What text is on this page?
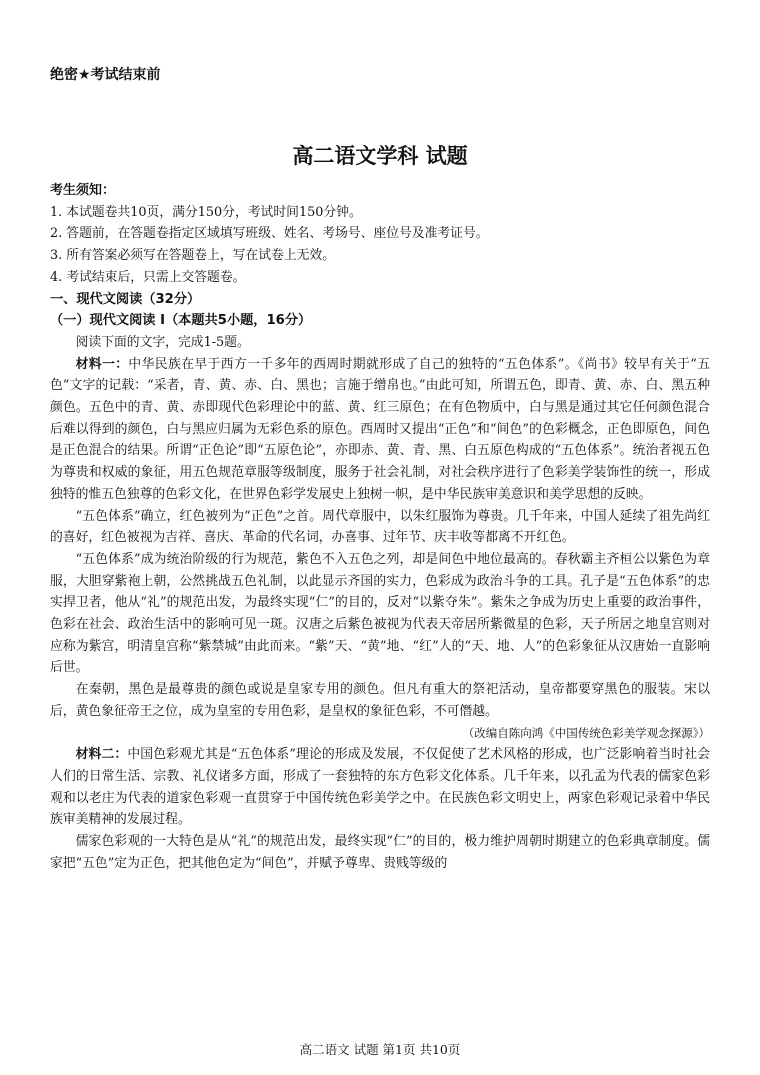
绝密★考试结束前
高二语文学科 试题
考生须知：
1. 本试题卷共10页，满分150分，考试时间150分钟。
2. 答题前，在答题卷指定区域填写班级、姓名、考场号、座位号及准考证号。
3. 所有答案必须写在答题卷上，写在试卷上无效。
4. 考试结束后，只需上交答题卷。
一、现代文阅读（32分）
（一）现代文阅读 I（本题共5小题，16分）

阅读下面的文字，完成1-5题。

材料一：中华民族在早于西方一千多年的西周时期就形成了自己的独特的“五色体系”。《尚书》较早有关于“五色”文字的记载：“采者，青、黄、赤、白、黑也；言施于缯帛也。”由此可知，所谓五色，即青、黄、赤、白、黑五种颜色。五色中的青、黄、赤即现代色彩理论中的蓝、黄、红三原色；在有色物质中，白与黑是通过其它任何颜色混合后难以得到的颜色，白与黑应归属为无彩色系的原色。西周时又提出“正色”和“间色”的色彩概念，正色即原色，间色是正色混合的结果。所谓“正色论”即“五原色论”，亦即赤、黄、青、黑、白五原色构成的“五色体系”。统治者视五色为尊贵和权威的象征，用五色规范章服等级制度，服务于社会礼制，对社会秩序进行了色彩美学装饰性的统一，形成独特的惟五色独尊的色彩文化，在世界色彩学发展史上独树一帜，是中华民族审美意识和美学思想的反映。

“五色体系”确立，红色被列为“正色”之首。周代章服中，以朱红服饰为尊贵。几千年来，中国人延续了祖先尚红的喜好，红色被视为吉祥、喜庆、革命的代名词，办喜事、过年节、庆丰收等都离不开红色。

“五色体系”成为统治阶级的行为规范，紫色不入五色之列，却是间色中地位最高的。春秋霸主齐桓公以紫色为章服，大胆穿紫袍上朝，公然挑战五色礼制，以此显示齐国的实力，色彩成为政治斗争的工具。孔子是“五色体系”的忠实捍卫者，他从“礼”的规范出发，为最终实现“仁”的目的，反对“以紫夺朱”。紫朱之争成为历史上重要的政治事件，色彩在社会、政治生活中的影响可见一斑。汉唐之后紫色被视为代表天帝居所紫微星的色彩，天子所居之地皇宫则对应称为紫宫，明清皇宫称“紫禁城”由此而来。“紫”天、“黄”地、“红”人的“天、地、人”的色彩象征从汉唐始一直影响后世。

在秦朝，黑色是最尊贵的颜色或说是皇家专用的颜色。但凡有重大的祭祀活动，皇帝都要穿黑色的服装。宋以后，黄色象征帝王之位，成为皇室的专用色彩，是皇权的象征色彩，不可僭越。

（改编自陈向鸿《中国传统色彩美学观念探源》）

材料二：中国色彩观尤其是“五色体系”理论的形成及发展，不仅促使了艺术风格的形成，也广泛影响着当时社会人们的日常生活、宗教、礼仪诸多方面，形成了一套独特的东方色彩文化体系。几千年来，以孔孟为代表的儒家色彩观和以老庄为代表的道家色彩观一直贯穿于中国传统色彩美学之中。在民族色彩文明史上，两家色彩观记录着中华民族审美精神的发展过程。

儒家色彩观的一大特色是从“礼”的规范出发，最终实现“仁”的目的，极力维护周朝时期建立的色彩典章制度。儒家把“五色”定为正色，把其他色定为“间色”，并赋予尊卑、贵贱等级的

高二语文 试题 第1页 共10页
